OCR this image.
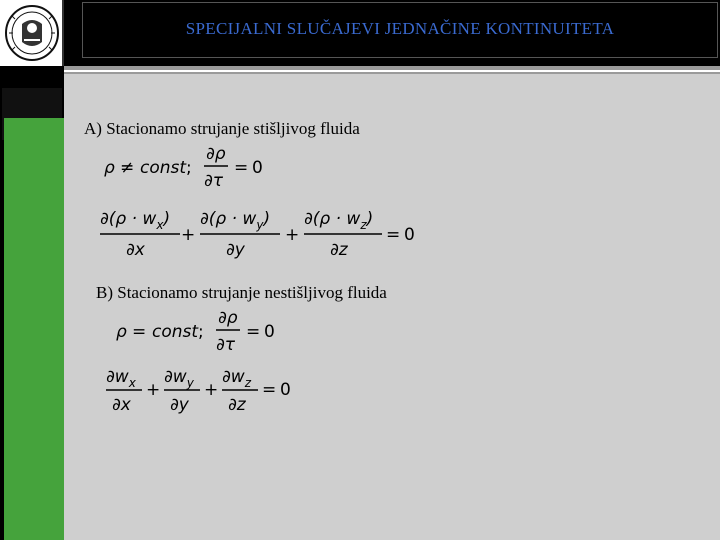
SPECIJALNI SLUČAJEVI JEDNAČINE KONTINUITETA
A) Stacionamo strujanje stišljivog fluida
ρ ≠ const ;
∂ρ
∂τ
= 0
$\partial(\rho \cdot w_x)$
∂x
+
$\partial(\rho \cdot w_y)$
∂y
+
$\partial(\rho \cdot w_z)$
∂z
= 0
B) Stacionamo strujanje nestišljivog fluida
ρ = const ;
∂ρ
∂τ
= 0
$\partial w_x$
∂x
+
$\partial w_y$
∂y
+
$\partial w_z$
∂z
= 0
